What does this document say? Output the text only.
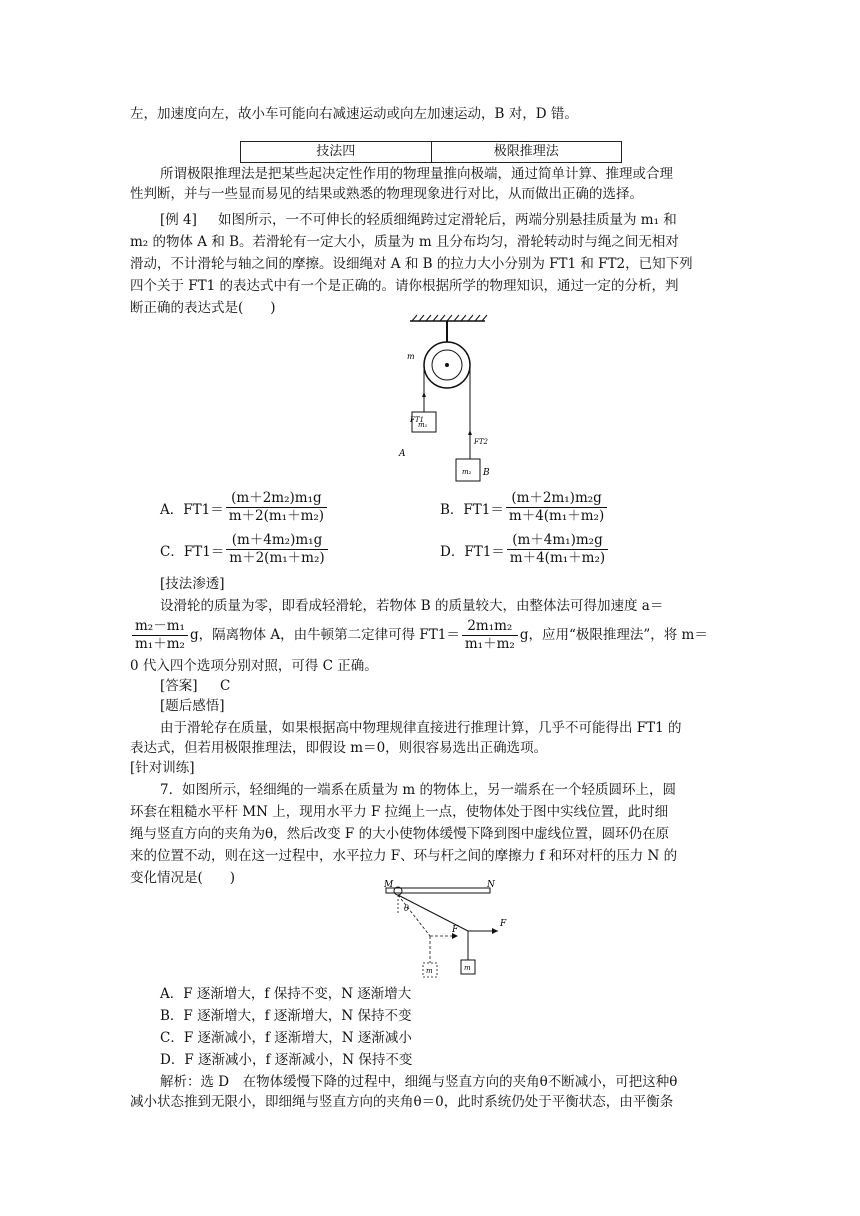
左，加速度向左，故小车可能向右减速运动或向左加速运动，B 对，D 错。
技法四	极限推理法
所谓极限推理法是把某些起决定性作用的物理量推向极端，通过简单计算、推理或合理
性判断，并与一些显而易见的结果或熟悉的物理现象进行对比，从而做出正确的选择。
[例 4] 如图所示，一不可伸长的轻质细绳跨过定滑轮后，两端分别悬挂质量为 m₁ 和
m₂ 的物体 A 和 B。若滑轮有一定大小，质量为 m 且分布均匀，滑轮转动时与绳之间无相对
滑动，不计滑轮与轴之间的摩擦。设细绳对 A 和 B 的拉力大小分别为 FT1 和 FT2，已知下列
四个关于 FT1 的表达式中有一个是正确的。请你根据所学的物理知识，通过一定的分析，判
断正确的表达式是(　　)
m
FT1
FT2
A
B
m₁
m₂
A．$FT1= \frac{\text{(m＋2m₂)m₁g}}{\text{m＋2(m₁＋m₂)}}$	B．$FT1= \frac{\text{(m＋2m₁)m₂g}}{\text{m＋4(m₁＋m₂)}}$
C．$FT1= \frac{\text{(m＋4m₂)m₁g}}{\text{m＋2(m₁＋m₂)}}$	D．$FT1= \frac{\text{(m＋4m₁)m₂g}}{\text{m＋4(m₁＋m₂)}}$
[技法渗透]
设滑轮的质量为零，即看成轻滑轮，若物体 B 的质量较大，由整体法可得加速度 a＝
$\frac{\text{m₂－m₁}}{\text{m₁＋m₂}}$ g，隔离物体 A，由牛顿第二定律可得 $FT1= \frac{\text{2m₁m₂}}{\text{m₁＋m₂}}$ g，应用“极限推理法”，将 m＝
0 代入四个选项分别对照，可得 C 正确。
[答案] C
[题后感悟]
由于滑轮存在质量，如果根据高中物理规律直接进行推理计算，几乎不可能得出 FT1 的
表达式，但若用极限推理法，即假设 m＝0，则很容易选出正确选项。
[针对训练]
7．如图所示，轻细绳的一端系在质量为 m 的物体上，另一端系在一个轻质圆环上，圆
环套在粗糙水平杆 MN 上，现用水平力 F 拉绳上一点，使物体处于图中实线位置，此时细
绳与竖直方向的夹角为θ，然后改变 F 的大小使物体缓慢下降到图中虚线位置，圆环仍在原
来的位置不动，则在这一过程中，水平拉力 F、环与杆之间的摩擦力 f 和环对杆的压力 N 的
变化情况是(　　)	M	N
θ
F
F
m
m
A．F 逐渐增大，f 保持不变，N 逐渐增大
B．F 逐渐增大，f 逐渐增大，N 保持不变
C．F 逐渐减小，f 逐渐增大，N 逐渐减小
D．F 逐渐减小，f 逐渐减小，N 保持不变
解析：选 D　在物体缓慢下降的过程中，细绳与竖直方向的夹角θ不断减小，可把这种θ
减小状态推到无限小，即细绳与竖直方向的夹角θ＝0，此时系统仍处于平衡状态，由平衡条
